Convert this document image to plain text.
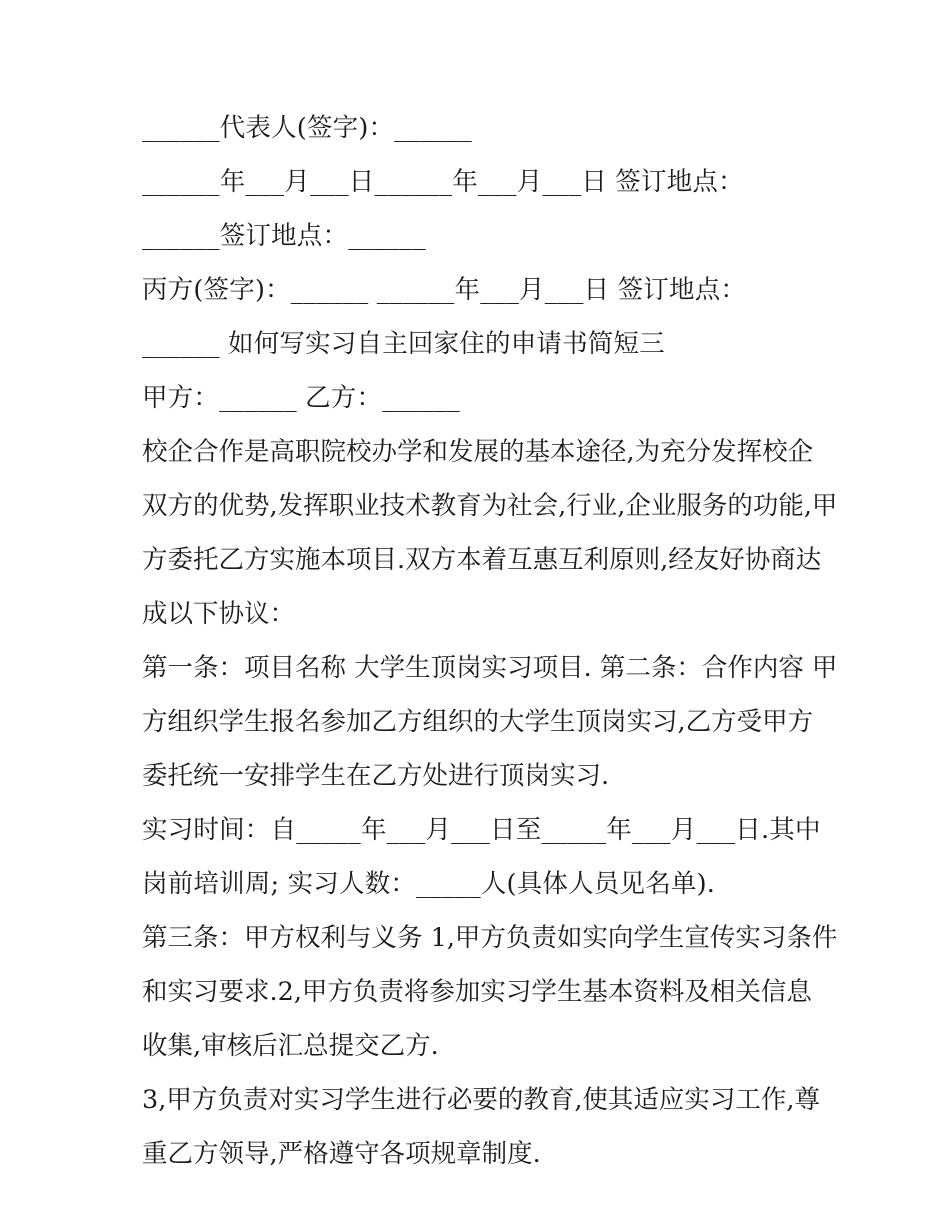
______代表人(签字)：______
______年___月___日______年___月___日 签订地点：
______签订地点：______
丙方(签字)：______ ______年___月___日 签订地点：
______ 如何写实习自主回家住的申请书简短三
甲方：______ 乙方：______
校企合作是高职院校办学和发展的基本途径,为充分发挥校企
双方的优势,发挥职业技术教育为社会,行业,企业服务的功能,甲
方委托乙方实施本项目.双方本着互惠互利原则,经友好协商达
成以下协议：
第一条：项目名称 大学生顶岗实习项目. 第二条：合作内容 甲
方组织学生报名参加乙方组织的大学生顶岗实习,乙方受甲方
委托统一安排学生在乙方处进行顶岗实习.
实习时间：自_____年___月___日至_____年___月___日.其中
岗前培训周; 实习人数：_____人(具体人员见名单).
第三条：甲方权利与义务 1,甲方负责如实向学生宣传实习条件
和实习要求.2,甲方负责将参加实习学生基本资料及相关信息
收集,审核后汇总提交乙方.
3,甲方负责对实习学生进行必要的教育,使其适应实习工作,尊
重乙方领导,严格遵守各项规章制度.
